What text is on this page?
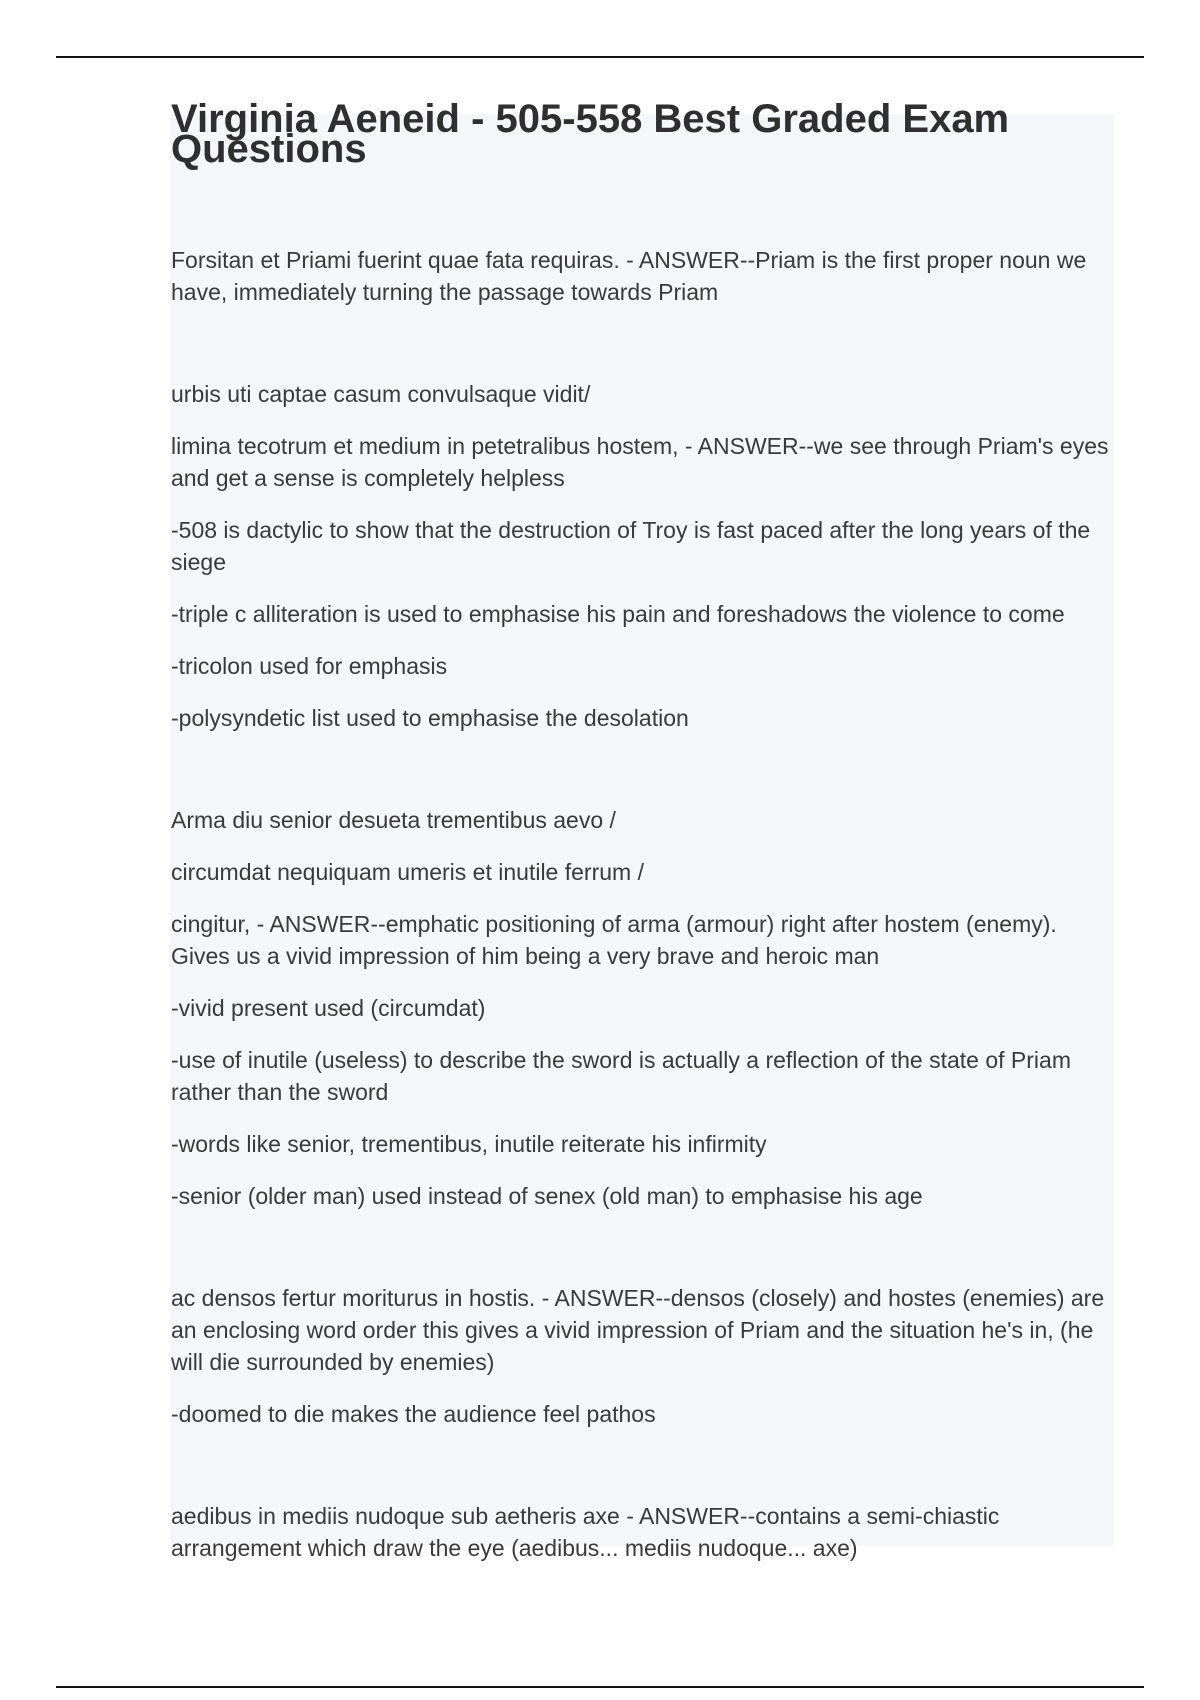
Virginia Aeneid - 505-558 Best Graded Exam Questions

Forsitan et Priami fuerint quae fata requiras. - ANSWER--Priam is the first proper noun we have, immediately turning the passage towards Priam

urbis uti captae casum convulsaque vidit/

limina tecotrum et medium in petetralibus hostem, - ANSWER--we see through Priam's eyes and get a sense is completely helpless

-508 is dactylic to show that the destruction of Troy is fast paced after the long years of the siege

-triple c alliteration is used to emphasise his pain and foreshadows the violence to come

-tricolon used for emphasis

-polysyndetic list used to emphasise the desolation

Arma diu senior desueta trementibus aevo /

circumdat nequiquam umeris et inutile ferrum /

cingitur, - ANSWER--emphatic positioning of arma (armour) right after hostem (enemy). Gives us a vivid impression of him being a very brave and heroic man

-vivid present used (circumdat)

-use of inutile (useless) to describe the sword is actually a reflection of the state of Priam rather than the sword

-words like senior, trementibus, inutile reiterate his infirmity

-senior (older man) used instead of senex (old man) to emphasise his age

ac densos fertur moriturus in hostis. - ANSWER--densos (closely) and hostes (enemies) are an enclosing word order this gives a vivid impression of Priam and the situation he's in, (he will die surrounded by enemies)

-doomed to die makes the audience feel pathos

aedibus in mediis nudoque sub aetheris axe - ANSWER--contains a semi-chiastic arrangement which draw the eye (aedibus... mediis nudoque... axe)
